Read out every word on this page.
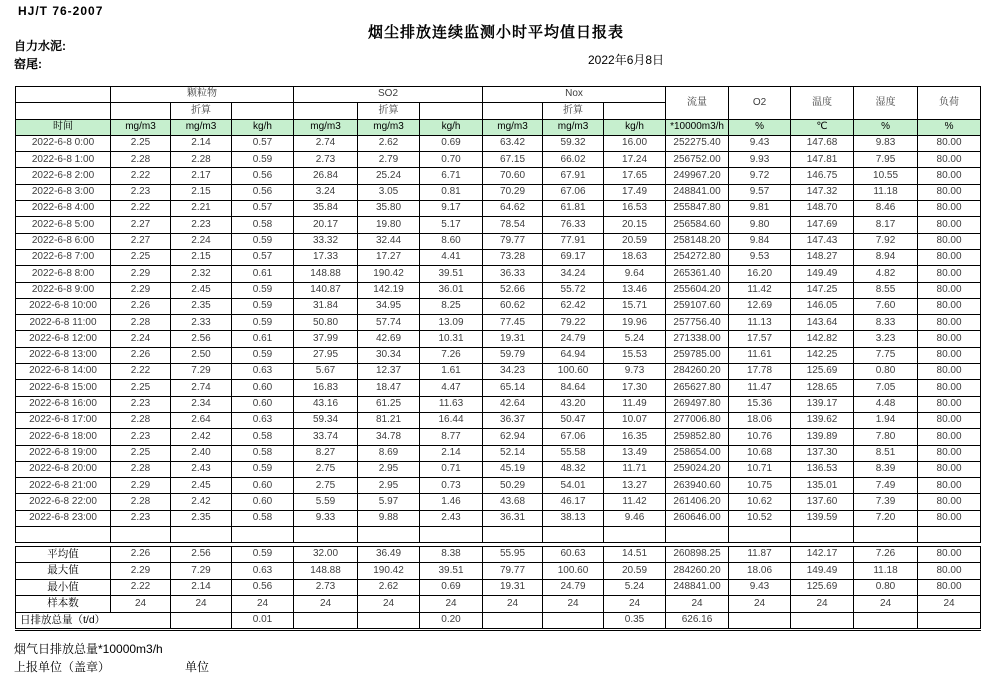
HJ/T 76-2007
烟尘排放连续监测小时平均值日报表
自力水泥:
窑尾:	2022年6月8日
	颗粒物			SO2			Nox			流量	O2	温度	湿度	负荷
		折算			折算			折算						
时间	mg/m3	mg/m3	kg/h	mg/m3	mg/m3	kg/h	mg/m3	mg/m3	kg/h	*10000m3/h	%	℃	%	%
2022-6-8 0:00	2.25	2.14	0.57	2.74	2.62	0.69	63.42	59.32	16.00	252275.40	9.43	147.68	9.83	80.00
2022-6-8 1:00	2.28	2.28	0.59	2.73	2.79	0.70	67.15	66.02	17.24	256752.00	9.93	147.81	7.95	80.00
2022-6-8 2:00	2.22	2.17	0.56	26.84	25.24	6.71	70.60	67.91	17.65	249967.20	9.72	146.75	10.55	80.00
2022-6-8 3:00	2.23	2.15	0.56	3.24	3.05	0.81	70.29	67.06	17.49	248841.00	9.57	147.32	11.18	80.00
2022-6-8 4:00	2.22	2.21	0.57	35.84	35.80	9.17	64.62	61.81	16.53	255847.80	9.81	148.70	8.46	80.00
2022-6-8 5:00	2.27	2.23	0.58	20.17	19.80	5.17	78.54	76.33	20.15	256584.60	9.80	147.69	8.17	80.00
2022-6-8 6:00	2.27	2.24	0.59	33.32	32.44	8.60	79.77	77.91	20.59	258148.20	9.84	147.43	7.92	80.00
2022-6-8 7:00	2.25	2.15	0.57	17.33	17.27	4.41	73.28	69.17	18.63	254272.80	9.53	148.27	8.94	80.00
2022-6-8 8:00	2.29	2.32	0.61	148.88	190.42	39.51	36.33	34.24	9.64	265361.40	16.20	149.49	4.82	80.00
2022-6-8 9:00	2.29	2.45	0.59	140.87	142.19	36.01	52.66	55.72	13.46	255604.20	11.42	147.25	8.55	80.00
2022-6-8 10:00	2.26	2.35	0.59	31.84	34.95	8.25	60.62	62.42	15.71	259107.60	12.69	146.05	7.60	80.00
2022-6-8 11:00	2.28	2.33	0.59	50.80	57.74	13.09	77.45	79.22	19.96	257756.40	11.13	143.64	8.33	80.00
2022-6-8 12:00	2.24	2.56	0.61	37.99	42.69	10.31	19.31	24.79	5.24	271338.00	17.57	142.82	3.23	80.00
2022-6-8 13:00	2.26	2.50	0.59	27.95	30.34	7.26	59.79	64.94	15.53	259785.00	11.61	142.25	7.75	80.00
2022-6-8 14:00	2.22	7.29	0.63	5.67	12.37	1.61	34.23	100.60	9.73	284260.20	17.78	125.69	0.80	80.00
2022-6-8 15:00	2.25	2.74	0.60	16.83	18.47	4.47	65.14	84.64	17.30	265627.80	11.47	128.65	7.05	80.00
2022-6-8 16:00	2.23	2.34	0.60	43.16	61.25	11.63	42.64	43.20	11.49	269497.80	15.36	139.17	4.48	80.00
2022-6-8 17:00	2.28	2.64	0.63	59.34	81.21	16.44	36.37	50.47	10.07	277006.80	18.06	139.62	1.94	80.00
2022-6-8 18:00	2.23	2.42	0.58	33.74	34.78	8.77	62.94	67.06	16.35	259852.80	10.76	139.89	7.80	80.00
2022-6-8 19:00	2.25	2.40	0.58	8.27	8.69	2.14	52.14	55.58	13.49	258654.00	10.68	137.30	8.51	80.00
2022-6-8 20:00	2.28	2.43	0.59	2.75	2.95	0.71	45.19	48.32	11.71	259024.20	10.71	136.53	8.39	80.00
2022-6-8 21:00	2.29	2.45	0.60	2.75	2.95	0.73	50.29	54.01	13.27	263940.60	10.75	135.01	7.49	80.00
2022-6-8 22:00	2.28	2.42	0.60	5.59	5.97	1.46	43.68	46.17	11.42	261406.20	10.62	137.60	7.39	80.00
2022-6-8 23:00	2.23	2.35	0.58	9.33	9.88	2.43	36.31	38.13	9.46	260646.00	10.52	139.59	7.20	80.00

平均值	2.26	2.56	0.59	32.00	36.49	8.38	55.95	60.63	14.51	260898.25	11.87	142.17	7.26	80.00
最大值	2.29	7.29	0.63	148.88	190.42	39.51	79.77	100.60	20.59	284260.20	18.06	149.49	11.18	80.00
最小值	2.22	2.14	0.56	2.73	2.62	0.69	19.31	24.79	5.24	248841.00	9.43	125.69	0.80	80.00
样本数	24	24	24	24	24	24	24	24	24	24	24	24	24	24
日排放总量（t/d）			0.01			0.20			0.35	626.16				
烟气日排放总量*10000m3/h
上报单位（盖章）	单位
